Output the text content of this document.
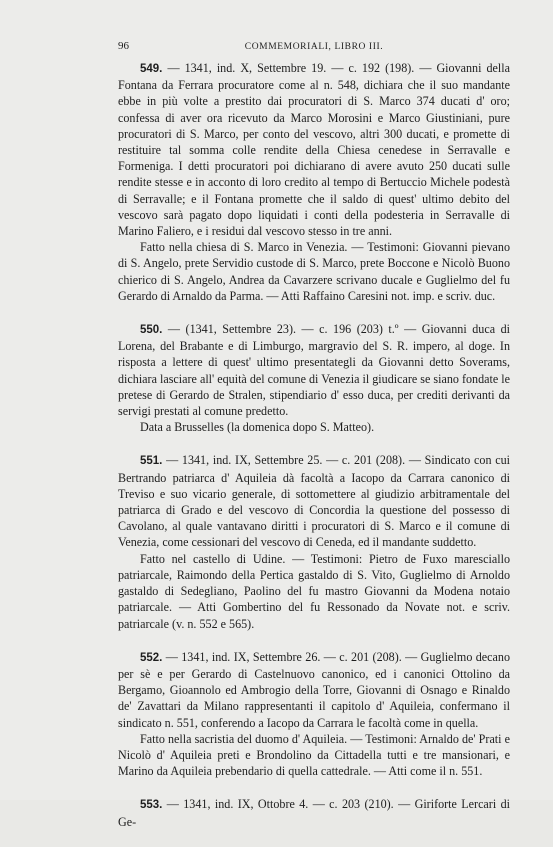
96	COMMEMORIALI, LIBRO III.

549. — 1341, ind. X, Settembre 19. — c. 192 (198). — Giovanni della Fontana da Ferrara procuratore come al n. 548, dichiara che il suo mandante ebbe in più volte a prestito dai procuratori di S. Marco 374 ducati d' oro; confessa di aver ora ricevuto da Marco Morosini e Marco Giustiniani, pure procuratori di S. Marco, per conto del vescovo, altri 300 ducati, e promette di restituire tal somma colle rendite della Chiesa cenedese in Serravalle e Formeniga. I detti procuratori poi dichiarano di avere avuto 250 ducati sulle rendite stesse e in acconto di loro credito al tempo di Bertuccio Michele podestà di Serravalle; e il Fontana promette che il saldo di quest' ultimo debito del vescovo sarà pagato dopo liquidati i conti della podesteria in Serravalle di Marino Faliero, e i residui dal vescovo stesso in tre anni.

Fatto nella chiesa di S. Marco in Venezia. — Testimoni: Giovanni pievano di S. Angelo, prete Servidio custode di S. Marco, prete Boccone e Nicolò Buono chierico di S. Angelo, Andrea da Cavarzere scrivano ducale e Guglielmo del fu Gerardo di Arnaldo da Parma. — Atti Raffaino Caresini not. imp. e scriv. duc.

550. — (1341, Settembre 23). — c. 196 (203) t.º — Giovanni duca di Lorena, del Brabante e di Limburgo, margravio del S. R. impero, al doge. In risposta a lettere di quest' ultimo presentategli da Giovanni detto Soverams, dichiara lasciare all' equità del comune di Venezia il giudicare se siano fondate le pretese di Gerardo de Stralen, stipendiario d' esso duca, per crediti derivanti da servigi prestati al comune predetto.

Data a Brusselles (la domenica dopo S. Matteo).

551. — 1341, ind. IX, Settembre 25. — c. 201 (208). — Sindicato con cui Bertrando patriarca d' Aquileia dà facoltà a Iacopo da Carrara canonico di Treviso e suo vicario generale, di sottomettere al giudizio arbitramentale del patriarca di Grado e del vescovo di Concordia la questione del possesso di Cavolano, al quale vantavano diritti i procuratori di S. Marco e il comune di Venezia, come cessionari del vescovo di Ceneda, ed il mandante suddetto.

Fatto nel castello di Udine. — Testimoni: Pietro de Fuxo maresciallo patriarcale, Raimondo della Pertica gastaldo di S. Vito, Guglielmo di Arnoldo gastaldo di Sedegliano, Paolino del fu mastro Giovanni da Modena notaio patriarcale. — Atti Gombertino del fu Ressonado da Novate not. e scriv. patriarcale (v. n. 552 e 565).

552. — 1341, ind. IX, Settembre 26. — c. 201 (208). — Guglielmo decano per sè e per Gerardo di Castelnuovo canonico, ed i canonici Ottolino da Bergamo, Gioannolo ed Ambrogio della Torre, Giovanni di Osnago e Rinaldo de' Zavattari da Milano rappresentanti il capitolo d' Aquileia, confermano il sindicato n. 551, conferendo a Iacopo da Carrara le facoltà come in quella.

Fatto nella sacristia del duomo d' Aquileia. — Testimoni: Arnaldo de' Prati e Nicolò d' Aquileia preti e Brondolino da Cittadella tutti e tre mansionari, e Marino da Aquileia prebendario di quella cattedrale. — Atti come il n. 551.

553. — 1341, ind. IX, Ottobre 4. — c. 203 (210). — Giriforte Lercari di Ge-
